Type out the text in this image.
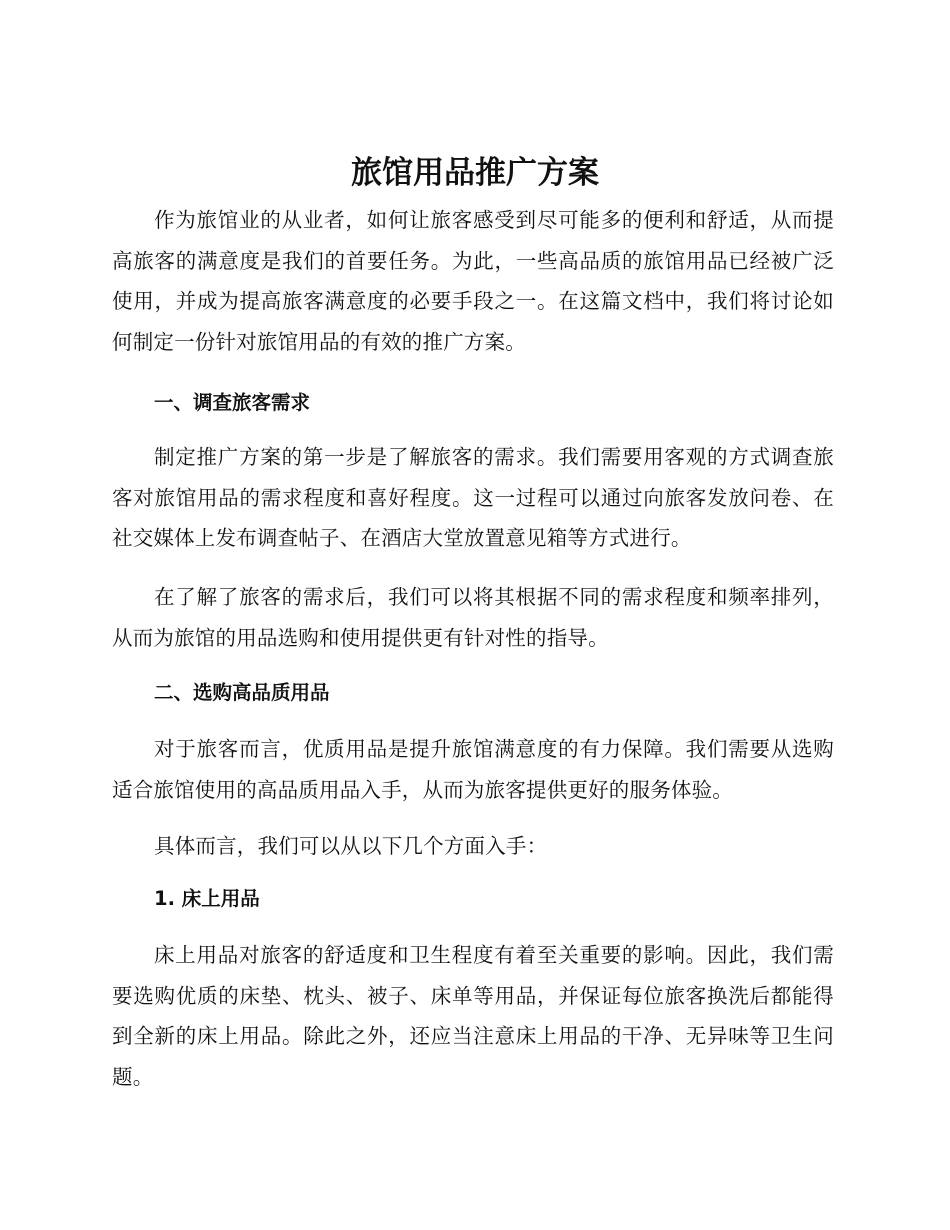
旅馆用品推广方案

作为旅馆业的从业者，如何让旅客感受到尽可能多的便利和舒适，从而提高旅客的满意度是我们的首要任务。为此，一些高品质的旅馆用品已经被广泛使用，并成为提高旅客满意度的必要手段之一。在这篇文档中，我们将讨论如何制定一份针对旅馆用品的有效的推广方案。

一、调查旅客需求

制定推广方案的第一步是了解旅客的需求。我们需要用客观的方式调查旅客对旅馆用品的需求程度和喜好程度。这一过程可以通过向旅客发放问卷、在社交媒体上发布调查帖子、在酒店大堂放置意见箱等方式进行。

在了解了旅客的需求后，我们可以将其根据不同的需求程度和频率排列，从而为旅馆的用品选购和使用提供更有针对性的指导。

二、选购高品质用品

对于旅客而言，优质用品是提升旅馆满意度的有力保障。我们需要从选购适合旅馆使用的高品质用品入手，从而为旅客提供更好的服务体验。

具体而言，我们可以从以下几个方面入手：

1. 床上用品

床上用品对旅客的舒适度和卫生程度有着至关重要的影响。因此，我们需要选购优质的床垫、枕头、被子、床单等用品，并保证每位旅客换洗后都能得到全新的床上用品。除此之外，还应当注意床上用品的干净、无异味等卫生问题。
